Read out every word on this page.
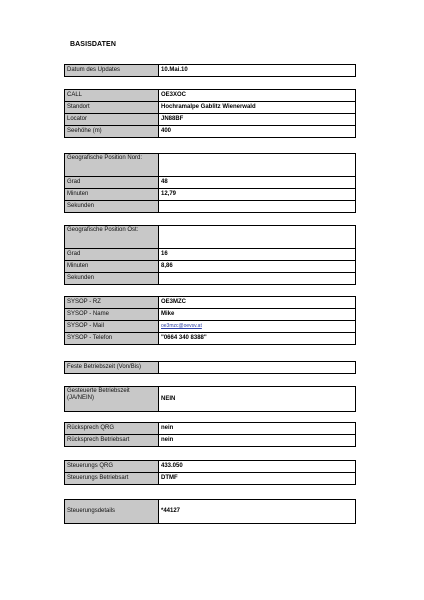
BASISDATEN
Datum des Updates	10.Mai.10
CALL	OE3XOC
Standort	Hochramalpe Gablitz Wienerwald
Locator	JN88BF
Seehöhe (m)	400
Geografische Position Nord:	
Grad	48
Minuten	12,79
Sekunden	
Geografische Position Ost:	
Grad	16
Minuten	8,86
Sekunden	
SYSOP - RZ	OE3MZC
SYSOP - Name	Mike
SYSOP - Mail	oe3mzc@oevsv.at
SYSOP - Telefon	"0664 340 8388"
Feste Betriebszeit (Von/Bis)	
Gesteuerte Betriebszeit (JA/NEIN)	NEIN
Rücksprech QRG	nein
Rücksprech Betriebsart	nein
Steuerungs QRG	433.050
Steuerungs Betriebsart	DTMF
Steuerungsdetails	*44127
